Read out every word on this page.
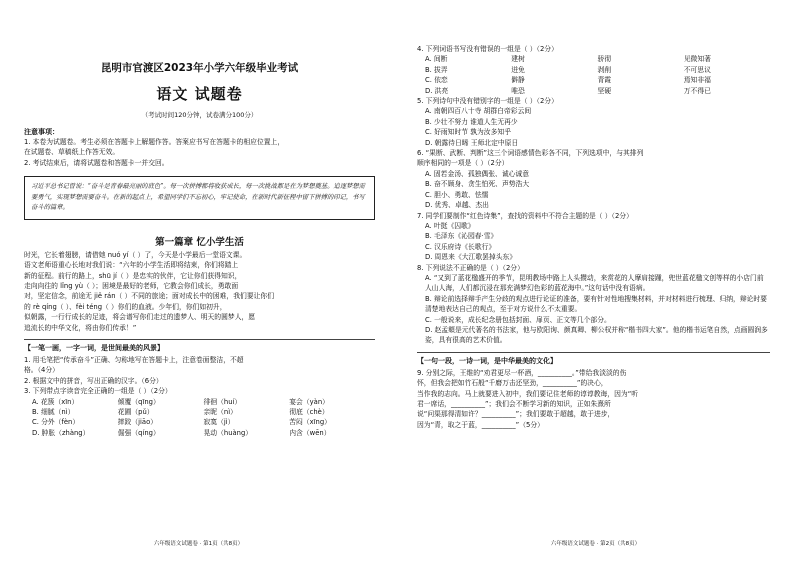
昆明市官渡区2023年小学六年级毕业考试
语文 试题卷
（考试时间120分钟，试卷满分100分）
注意事项：

1. 本卷为试题卷。考生必须在答题卡上解题作答。答案应书写在答题卡的相应位置上，

在试题卷、草稿纸上作答无效。

2. 考试结束后，请将试题卷和答题卡一并交回。

习近平总书记曾说：“奋斗是青春最亮丽的底色”。每一次拼搏都将收获成长，每一次挑战都是在为梦想奠基。追逐梦想需要勇气，实现梦想需要奋斗。在新的起点上，希望同学们不忘初心，牢记使命，在新时代新征程中留下拼搏的印记，书写奋斗的篇章。
第一篇章 忆小学生活

时光，它长着翅膀，请借她 nuó yí（ ）了，今天是小学最后一堂语文课。

语文老师语重心长地对我们说：“六年的小学生活即将结束，你们将踏上

新的征程。前行的路上，shū jí（ ）是忠实的伙伴，它让你们获得知识，

走向向往的 lǐng yù（ ）；困境是最好的老师，它教会你们成长，勇敢面

对，坚定信念，前途无 jiě rán（ ）不同的旅途；面对成长中的困难，我们要让你们

的 rè qíng（ ）、fèi téng（ ）你们的血液。少年们，你们如初升，

似朝露，一行行成长的足迹，将会谱写你们走过的遗梦人、明天的圆梦人，愿

追流长的中华文化，将由你们传承！”

【一笔一画，一字一词，是世间最美的风景】

1. 用毛笔把“传承奋斗”正确、匀称地写在答题卡上，注意卷面整洁，不超

格。（4分）

2. 根据文中的拼音，写出正确的汉字。（6分）

3. 下列带点字读音完全正确的一组是（ ）（2分）

A. 花簇（xīn）	倾覆（qīng）	徘徊（huí）	宴会（yàn）
B. 细腻（nì）	花圃（pǔ）	亲昵（nì）	彻底（chè）
C. 分外（fèn）	摔跤（jiāo）	寂寞（jì）	苦闷（xīng）
D. 肿胀（zhàng）	倔强（qíng）	晃动（huàng）	内含（wēn）
六年级语文试题卷 · 第1页（共8页）

4. 下列词语书写没有错误的一组是（ ）（2分）

A. 间断	建树	骄彻	见微知著
B. 拔弄	迸免	剥削	不可思议
C. 依恋	僻静	青霞	焉知非福
D. 洪亮	唯恐	坚硬	万不得已

5. 下列诗句中没有错别字的一组是（ ）（2分）

A. 南朝四百八十寺 胡群白帝彩云间

B. 少壮不努力 谁道人生无再少

C. 好雨知时节 孰为汝多知乎

D. 朝露待日晞 王师北定中原日

6. “果断、武断、判断”这三个词语感情色彩各不同，下列选项中，与其排列

顺序相同的一项是（ ）（2分）

A. 固若金汤、孤独偶张、诚心诚意

B. 奋不顾身、贪生怕死、声势浩大

C. 胆小、勇敢、怯懦

D. 优秀、卓越、杰出

7. 同学们要制作“红色诗集”，查找的资料中不符合主题的是（ ）（2分）

A. 叶挺《囚歌》

B. 毛泽东《沁园春·雪》

C. 汉乐府诗《长歌行》

D. 周恩来《大江歌罢掉头东》

8. 下列说法不正确的是（ ）（2分）

A. “又到了蓝花楹盛开的季节，昆明教场中路上人头攒动，来赏花的人摩肩接踵，兜世蓝花楹文创等样的小店门前人山人海，人们都沉浸在那充满梦幻色彩的蓝花海中。”这句话中没有语病。

B. 辩论前选择辩手产生分歧的观点进行论证的准备，要有针对性地搜集材料，并对材料进行梳理、归纳，辩论时要清楚地表达自己的观点，至于对方说什么不太重要。

C. 一般说来，成长纪念册包括封面、扉页、正文等几个部分。

D. 赵孟頫是元代著名的书法家，他与欧阳询、颜真卿、柳公权并称“楷书四大家”。他的楷书运笔自然，点画圆润多姿，具有很高的艺术价值。

【一句一段，一诗一词，是中华最美的文化】

9. 分别之际，王维的“劝君更尽一杯酒，__________。”带给我淡淡的伤

怀，但我会把如竹石般“千磨万击还坚劲，__________”的决心，

当作我的志向。马上就要进入初中，我们要记住老师的谆谆教诲，因为“听

君一席话，__________”；我们会不断学习新的知识，正如朱熹所

说“问渠那得清如许？__________”；我们要敢于超越，敢于进步，

因为“青，取之于蓝，__________”（5分）

六年级语文试题卷 · 第2页（共8页）
